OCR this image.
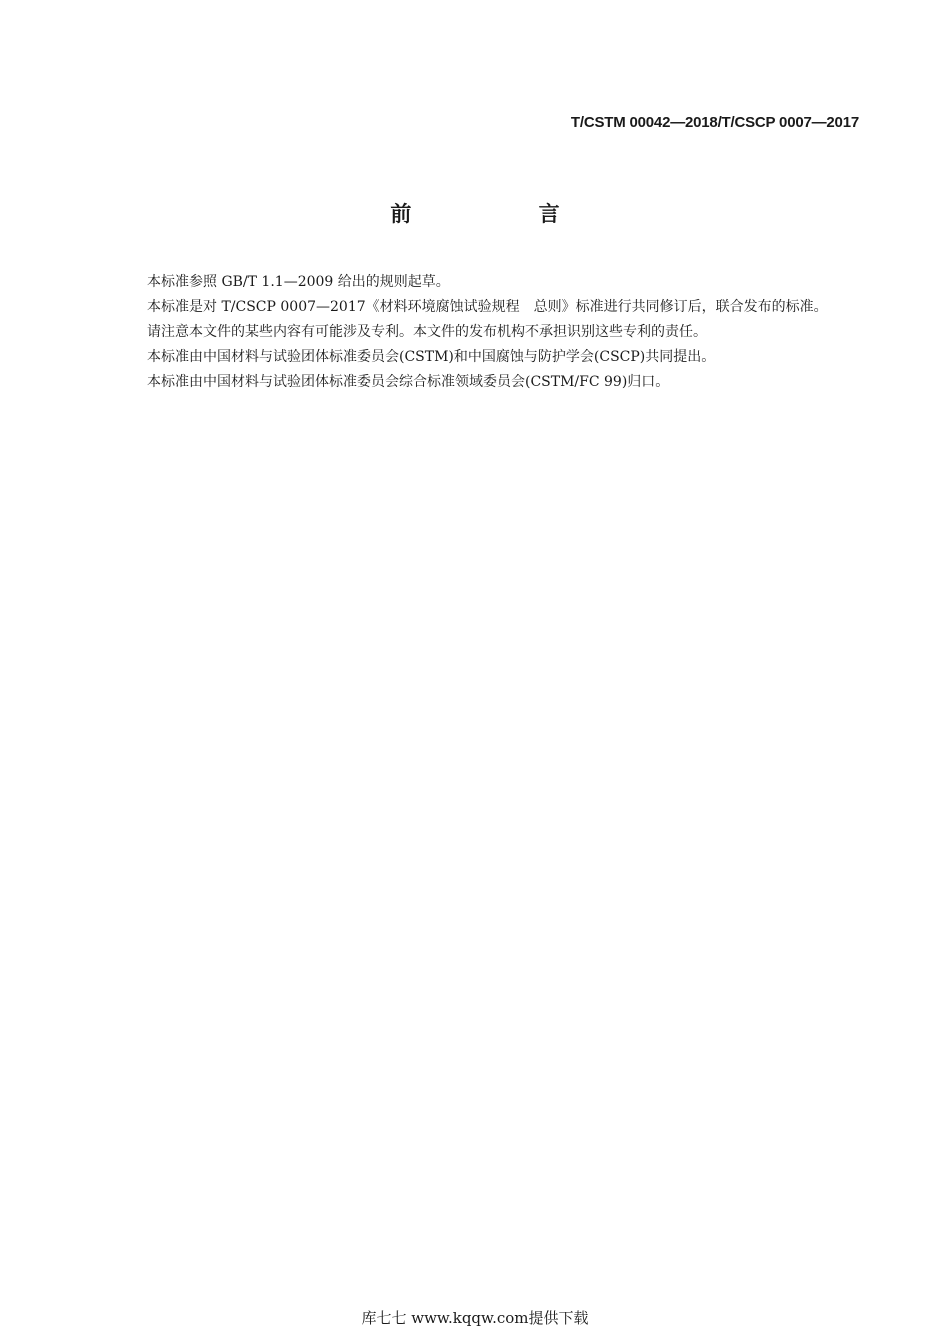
T/CSTM 00042—2018/T/CSCP 0007—2017
前 言

本标准参照 GB/T 1.1—2009 给出的规则起草。

本标准是对 T/CSCP 0007—2017《材料环境腐蚀试验规程　总则》标准进行共同修订后，联合发布的标准。

请注意本文件的某些内容有可能涉及专利。本文件的发布机构不承担识别这些专利的责任。

本标准由中国材料与试验团体标准委员会(CSTM)和中国腐蚀与防护学会(CSCP)共同提出。

本标准由中国材料与试验团体标准委员会综合标准领域委员会(CSTM/FC 99)归口。

库七七 www.kqqw.com提供下载
